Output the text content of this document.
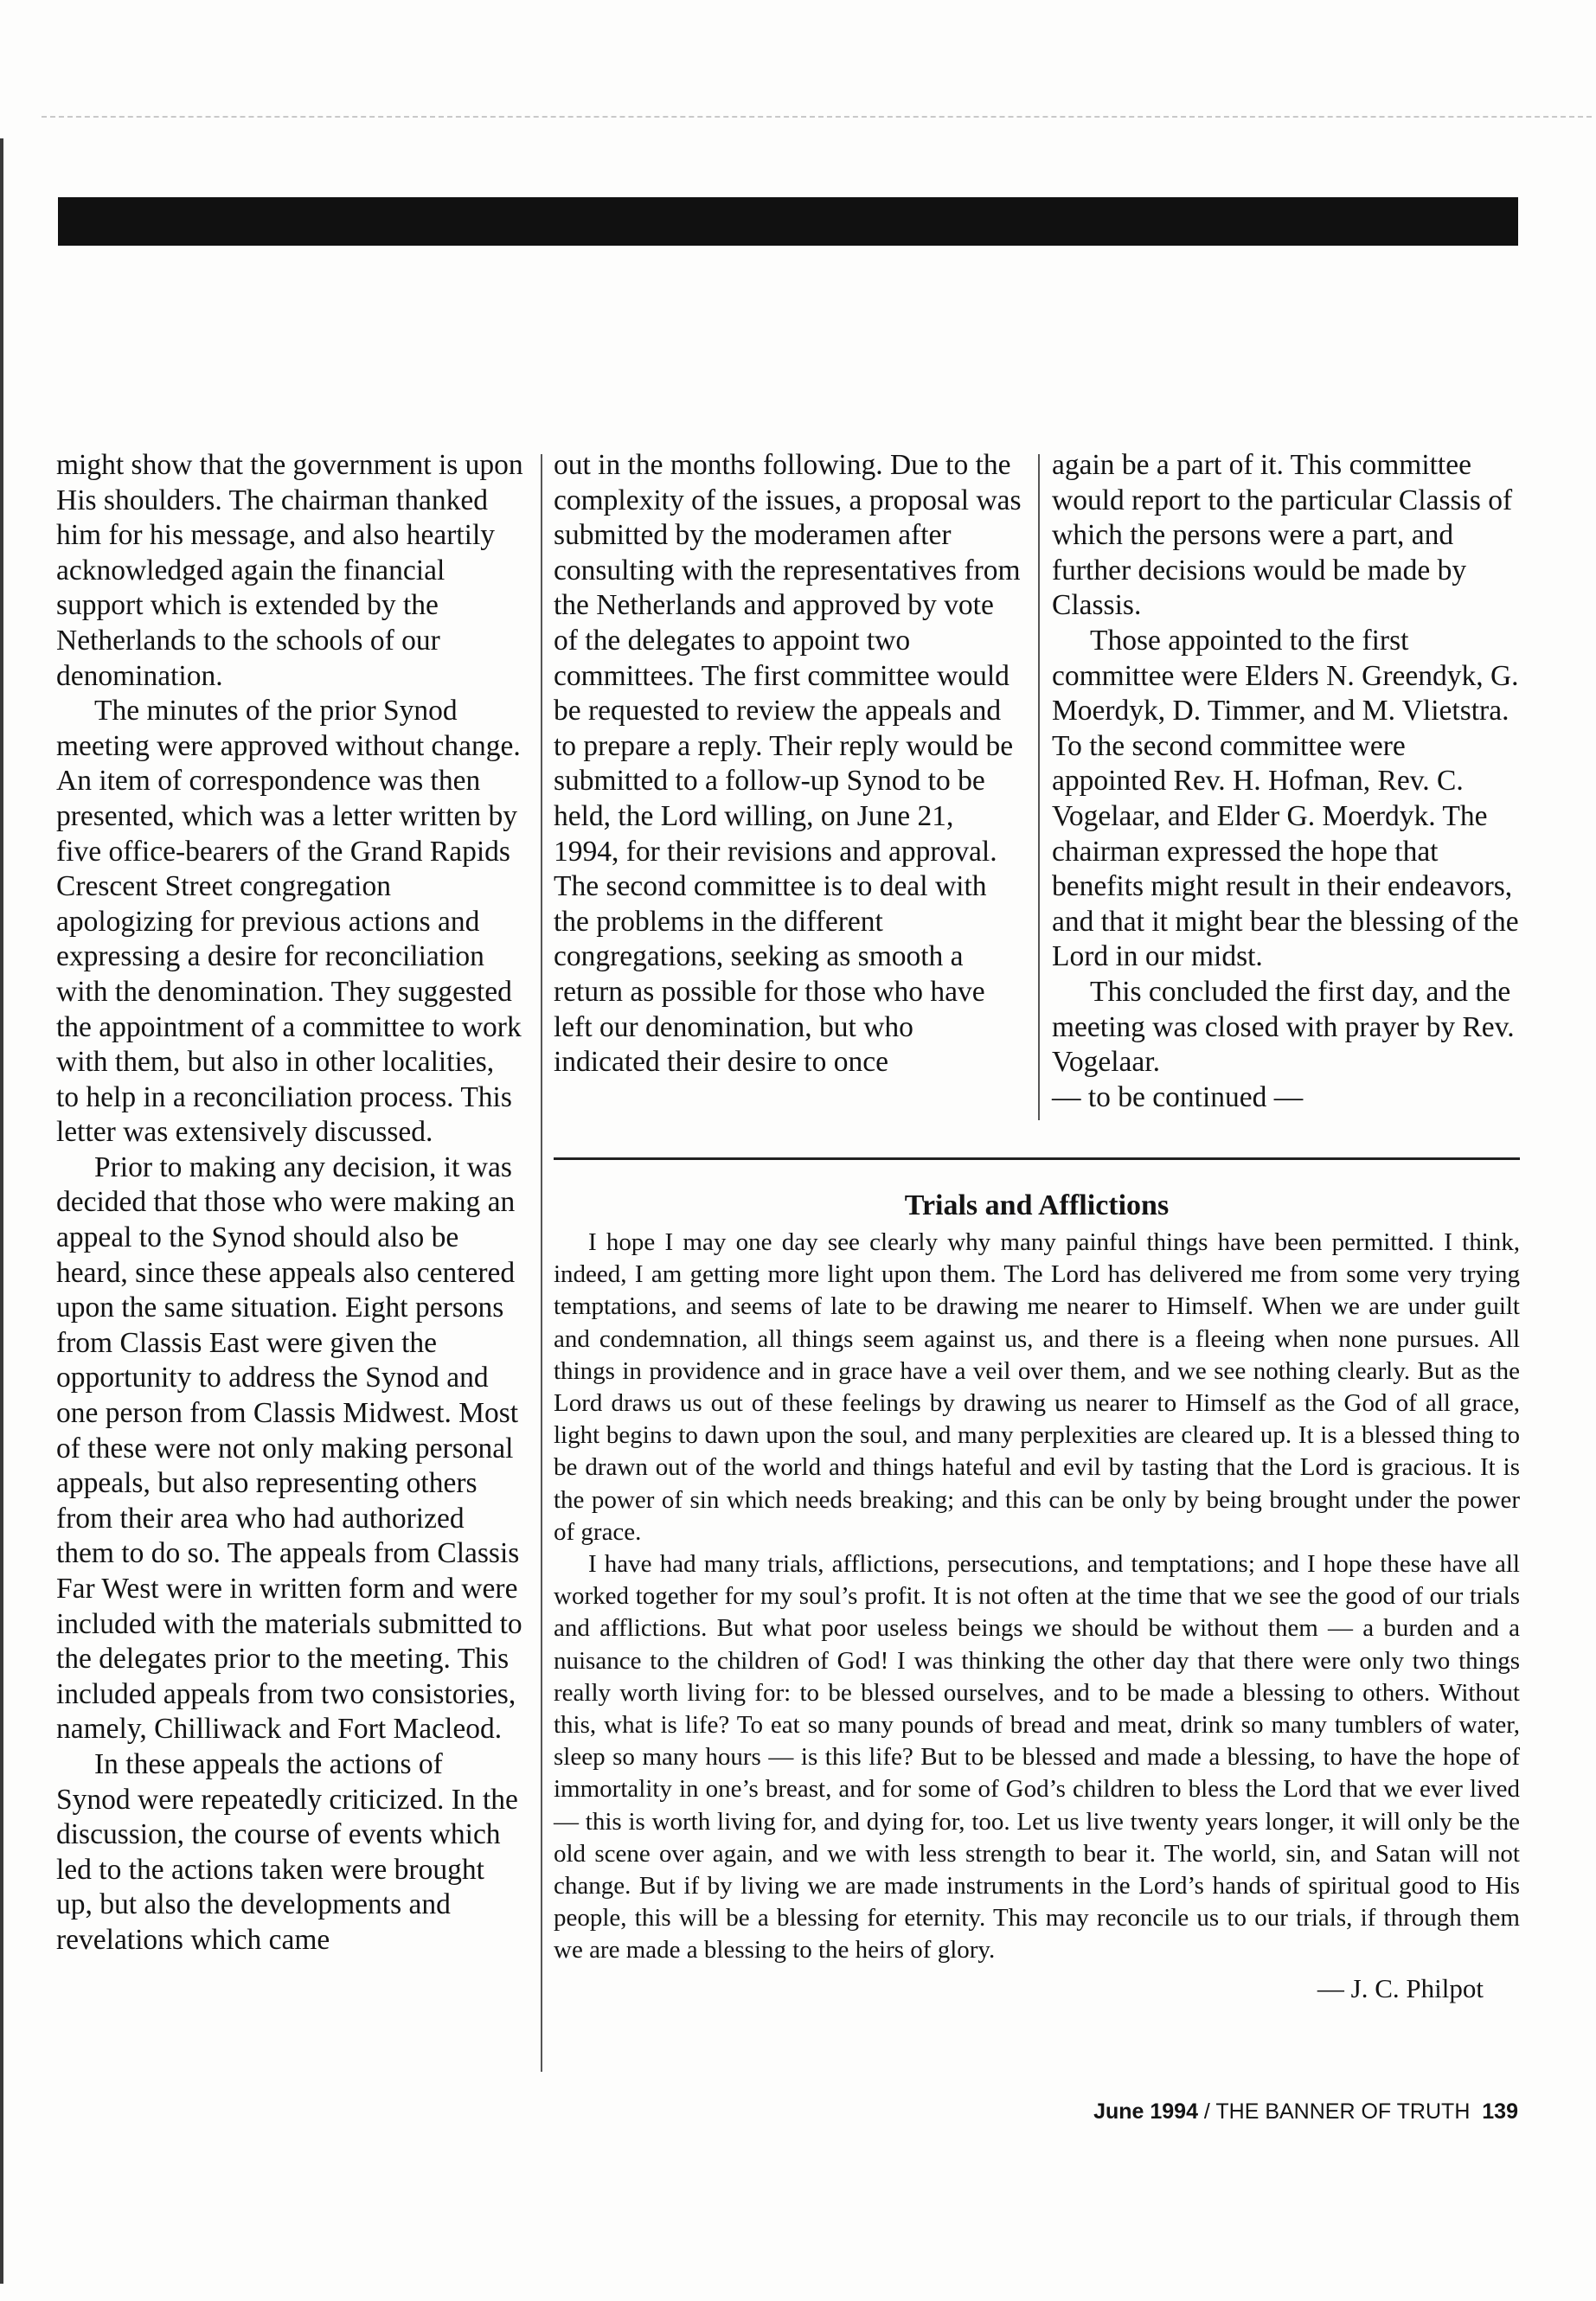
might show that the government is upon His shoulders. The chairman thanked him for his message, and also heartily acknowledged again the financial support which is extended by the Netherlands to the schools of our denomination.

The minutes of the prior Synod meeting were approved without change. An item of correspondence was then presented, which was a letter written by five office-bearers of the Grand Rapids Crescent Street congregation apologizing for previous actions and expressing a desire for reconciliation with the denomination. They suggested the appointment of a committee to work with them, but also in other localities, to help in a reconciliation process. This letter was extensively discussed.

Prior to making any decision, it was decided that those who were making an appeal to the Synod should also be heard, since these appeals also centered upon the same situation. Eight persons from Classis East were given the opportunity to address the Synod and one person from Classis Midwest. Most of these were not only making personal appeals, but also representing others from their area who had authorized them to do so. The appeals from Classis Far West were in written form and were included with the materials submitted to the delegates prior to the meeting. This included appeals from two consistories, namely, Chilliwack and Fort Macleod.

In these appeals the actions of Synod were repeatedly criticized. In the discussion, the course of events which led to the actions taken were brought up, but also the developments and revelations which came

out in the months following. Due to the complexity of the issues, a proposal was submitted by the moderamen after consulting with the representatives from the Netherlands and approved by vote of the delegates to appoint two committees. The first committee would be requested to review the appeals and to prepare a reply. Their reply would be submitted to a follow-up Synod to be held, the Lord willing, on June 21, 1994, for their revisions and approval. The second committee is to deal with the problems in the different congregations, seeking as smooth a return as possible for those who have left our denomination, but who indicated their desire to once

again be a part of it. This committee would report to the particular Classis of which the persons were a part, and further decisions would be made by Classis.

Those appointed to the first committee were Elders N. Greendyk, G. Moerdyk, D. Timmer, and M. Vlietstra. To the second committee were appointed Rev. H. Hofman, Rev. C. Vogelaar, and Elder G. Moerdyk. The chairman expressed the hope that benefits might result in their endeavors, and that it might bear the blessing of the Lord in our midst.

This concluded the first day, and the meeting was closed with prayer by Rev. Vogelaar.

— to be continued —

Trials and Afflictions

I hope I may one day see clearly why many painful things have been permitted. I think, indeed, I am getting more light upon them. The Lord has delivered me from some very trying temptations, and seems of late to be drawing me nearer to Himself. When we are under guilt and condemnation, all things seem against us, and there is a fleeing when none pursues. All things in providence and in grace have a veil over them, and we see nothing clearly. But as the Lord draws us out of these feelings by drawing us nearer to Himself as the God of all grace, light begins to dawn upon the soul, and many perplexities are cleared up. It is a blessed thing to be drawn out of the world and things hateful and evil by tasting that the Lord is gracious. It is the power of sin which needs breaking; and this can be only by being brought under the power of grace.

I have had many trials, afflictions, persecutions, and temptations; and I hope these have all worked together for my soul’s profit. It is not often at the time that we see the good of our trials and afflictions. But what poor useless beings we should be without them — a burden and a nuisance to the children of God! I was thinking the other day that there were only two things really worth living for: to be blessed ourselves, and to be made a blessing to others. Without this, what is life? To eat so many pounds of bread and meat, drink so many tumblers of water, sleep so many hours — is this life? But to be blessed and made a blessing, to have the hope of immortality in one’s breast, and for some of God’s children to bless the Lord that we ever lived — this is worth living for, and dying for, too. Let us live twenty years longer, it will only be the old scene over again, and we with less strength to bear it. The world, sin, and Satan will not change. But if by living we are made instruments in the Lord’s hands of spiritual good to His people, this will be a blessing for eternity. This may reconcile us to our trials, if through them we are made a blessing to the heirs of glory.

— J. C. Philpot
June 1994 / THE BANNER OF TRUTH 139
